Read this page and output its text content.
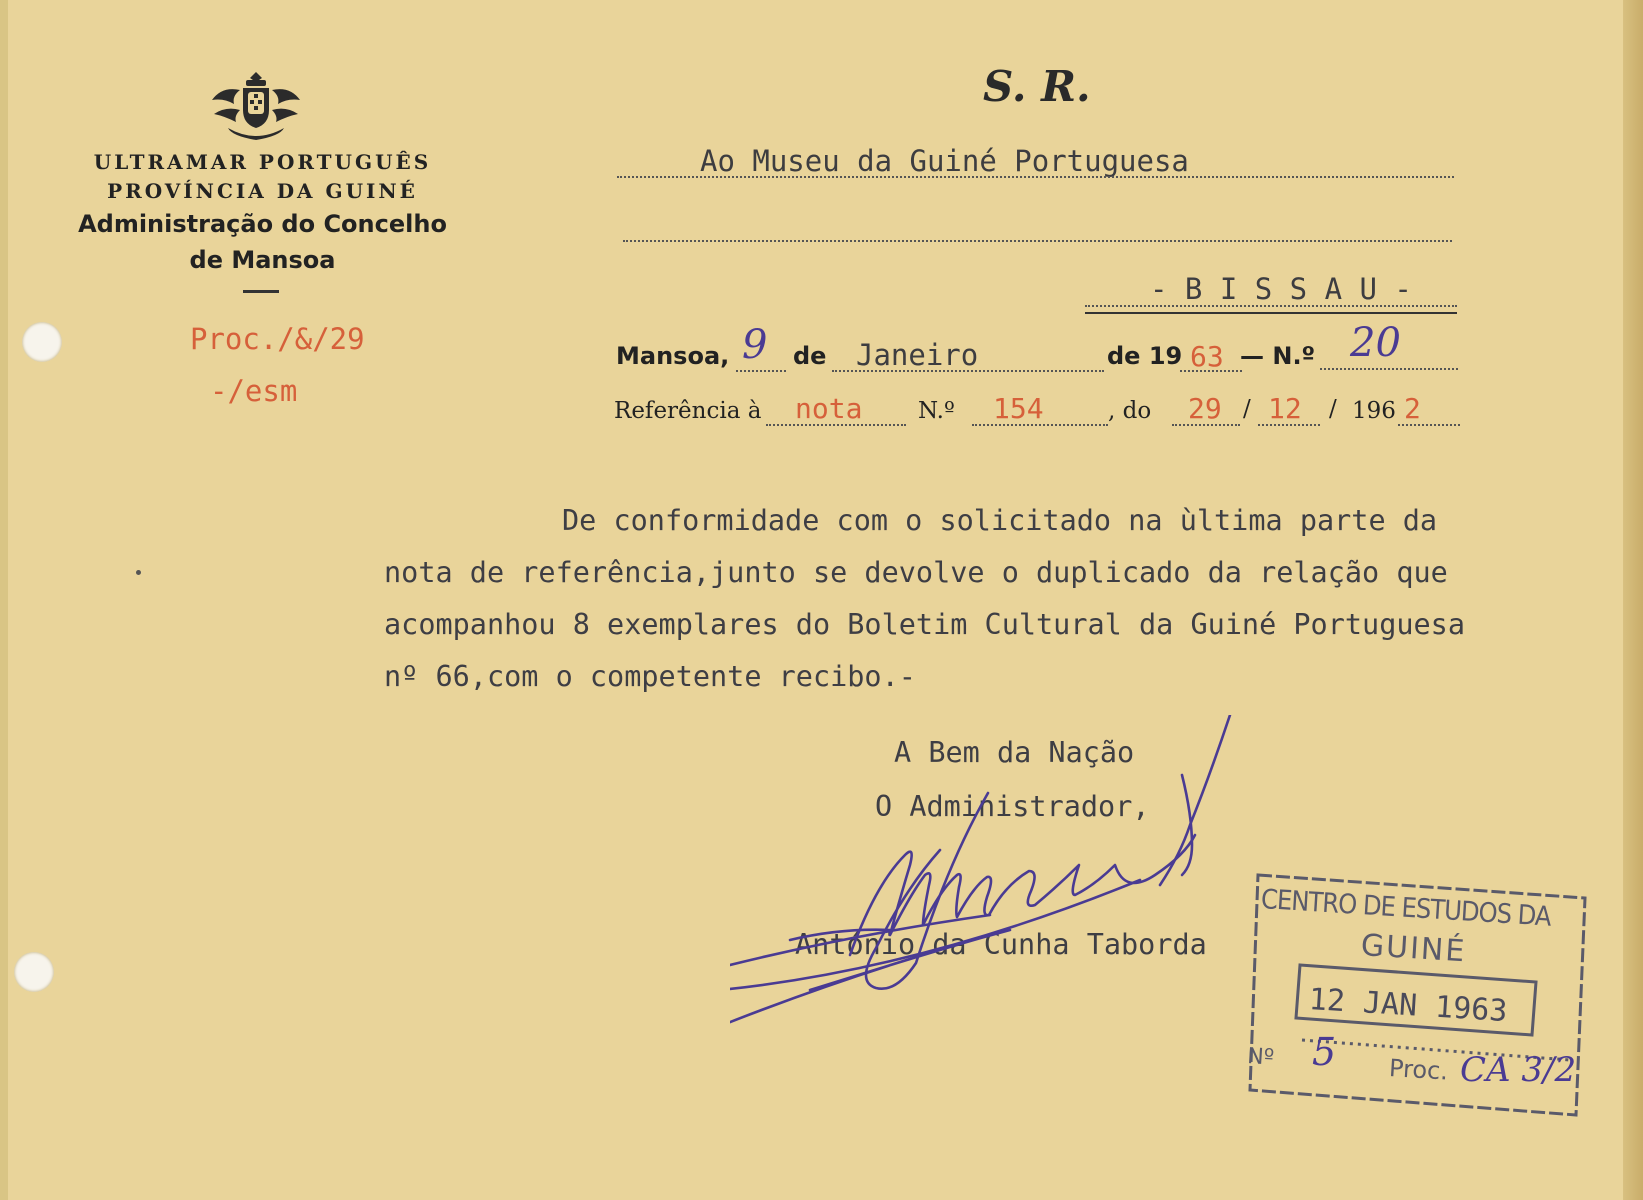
ULTRAMAR PORTUGUÊS
PROVÍNCIA DA GUINÉ
Administração do Concelho
de Mansoa
Proc./&/29
-/esm
S. R.
Ao Museu da Guiné Portuguesa
- B I S S A U -
Mansoa, 9 de Janeiro	de 19 63 — N.º 20
Referência à nota N.º 154	, do 29 / 12 / 196 2
De conformidade com o solicitado na ùltima parte da
nota de referência,junto se devolve o duplicado da relação que
acompanhou 8 exemplares do Boletim Cultural da Guiné Portuguesa
nº 66,com o competente recibo.-
A Bem da Nação
O Administrador,
António da Cunha Taborda
CENTRO DE ESTUDOS DA
GUINÉ
12 JAN 1963
Nº 5 Proc. CA 3/2
